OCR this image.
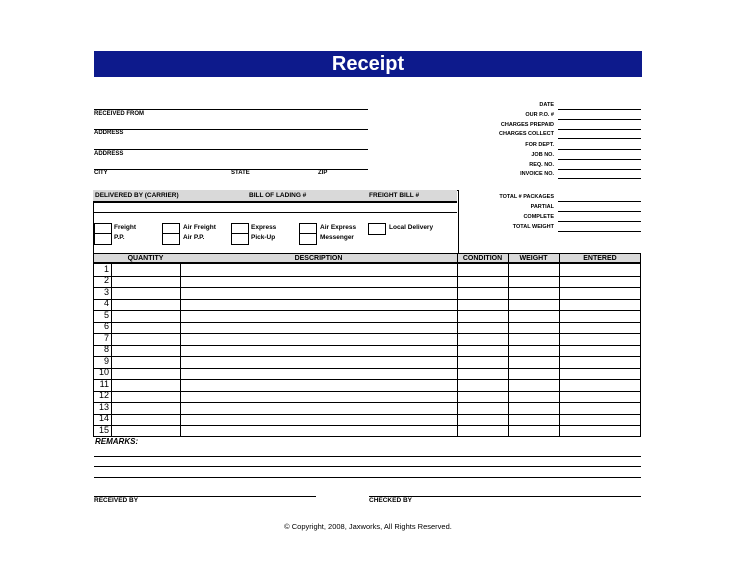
Receipt
RECEIVED FROM
ADDRESS
ADDRESS
CITY	STATE	ZIP
DATE
OUR P.O. #
CHARGES PREPAID
CHARGES COLLECT
FOR DEPT.
JOB NO.
REQ. NO.
INVOICE NO.
DELIVERED BY (CARRIER)	BILL OF LADING #	FREIGHT BILL #
Freight
P.P.
Air Freight
Air P.P.
Express
Pick-Up
Air Express
Messenger
Local Delivery
TOTAL # PACKAGES
PARTIAL
COMPLETE
TOTAL WEIGHT
QUANTITY	DESCRIPTION	CONDITION	WEIGHT	ENTERED
1
2
3
4
5
6
7
8
9
10
11
12
13
14
15
REMARKS:
RECEIVED BY	CHECKED BY
© Copyright, 2008, Jaxworks, All Rights Reserved.
